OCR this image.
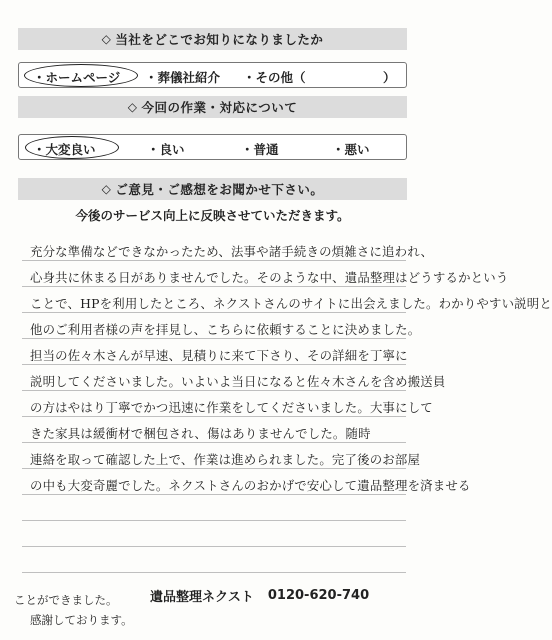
◇ 当社をどこでお知りになりましたか
・ホームページ ・葬儀社紹介 ・その他（	）
◇ 今回の作業・対応について
・大変良い	・良い	・普通	・悪い
◇ ご意見・ご感想をお聞かせ下さい。
今後のサービス向上に反映させていただきます。
充分な準備などできなかったため、法事や諸手続きの煩雑さに追われ、
心身共に休まる日がありませんでした。そのような中、遺品整理はどうするかという
ことで、HPを利用したところ、ネクストさんのサイトに出会えました。わかりやすい説明と
他のご利用者様の声を拝見し、こちらに依頼することに決めました。
担当の佐々木さんが早速、見積りに来て下さり、その詳細を丁寧に
説明してくださいました。いよいよ当日になると佐々木さんを含め搬送員
の方はやはり丁寧でかつ迅速に作業をしてくださいました。大事にして
きた家具は緩衝材で梱包され、傷はありませんでした。随時
連絡を取って確認した上で、作業は進められました。完了後のお部屋
の中も大変奇麗でした。ネクストさんのおかげで安心して遺品整理を済ませる
ことができました。
感謝しております。
遺品整理ネクスト 0120-620-740
